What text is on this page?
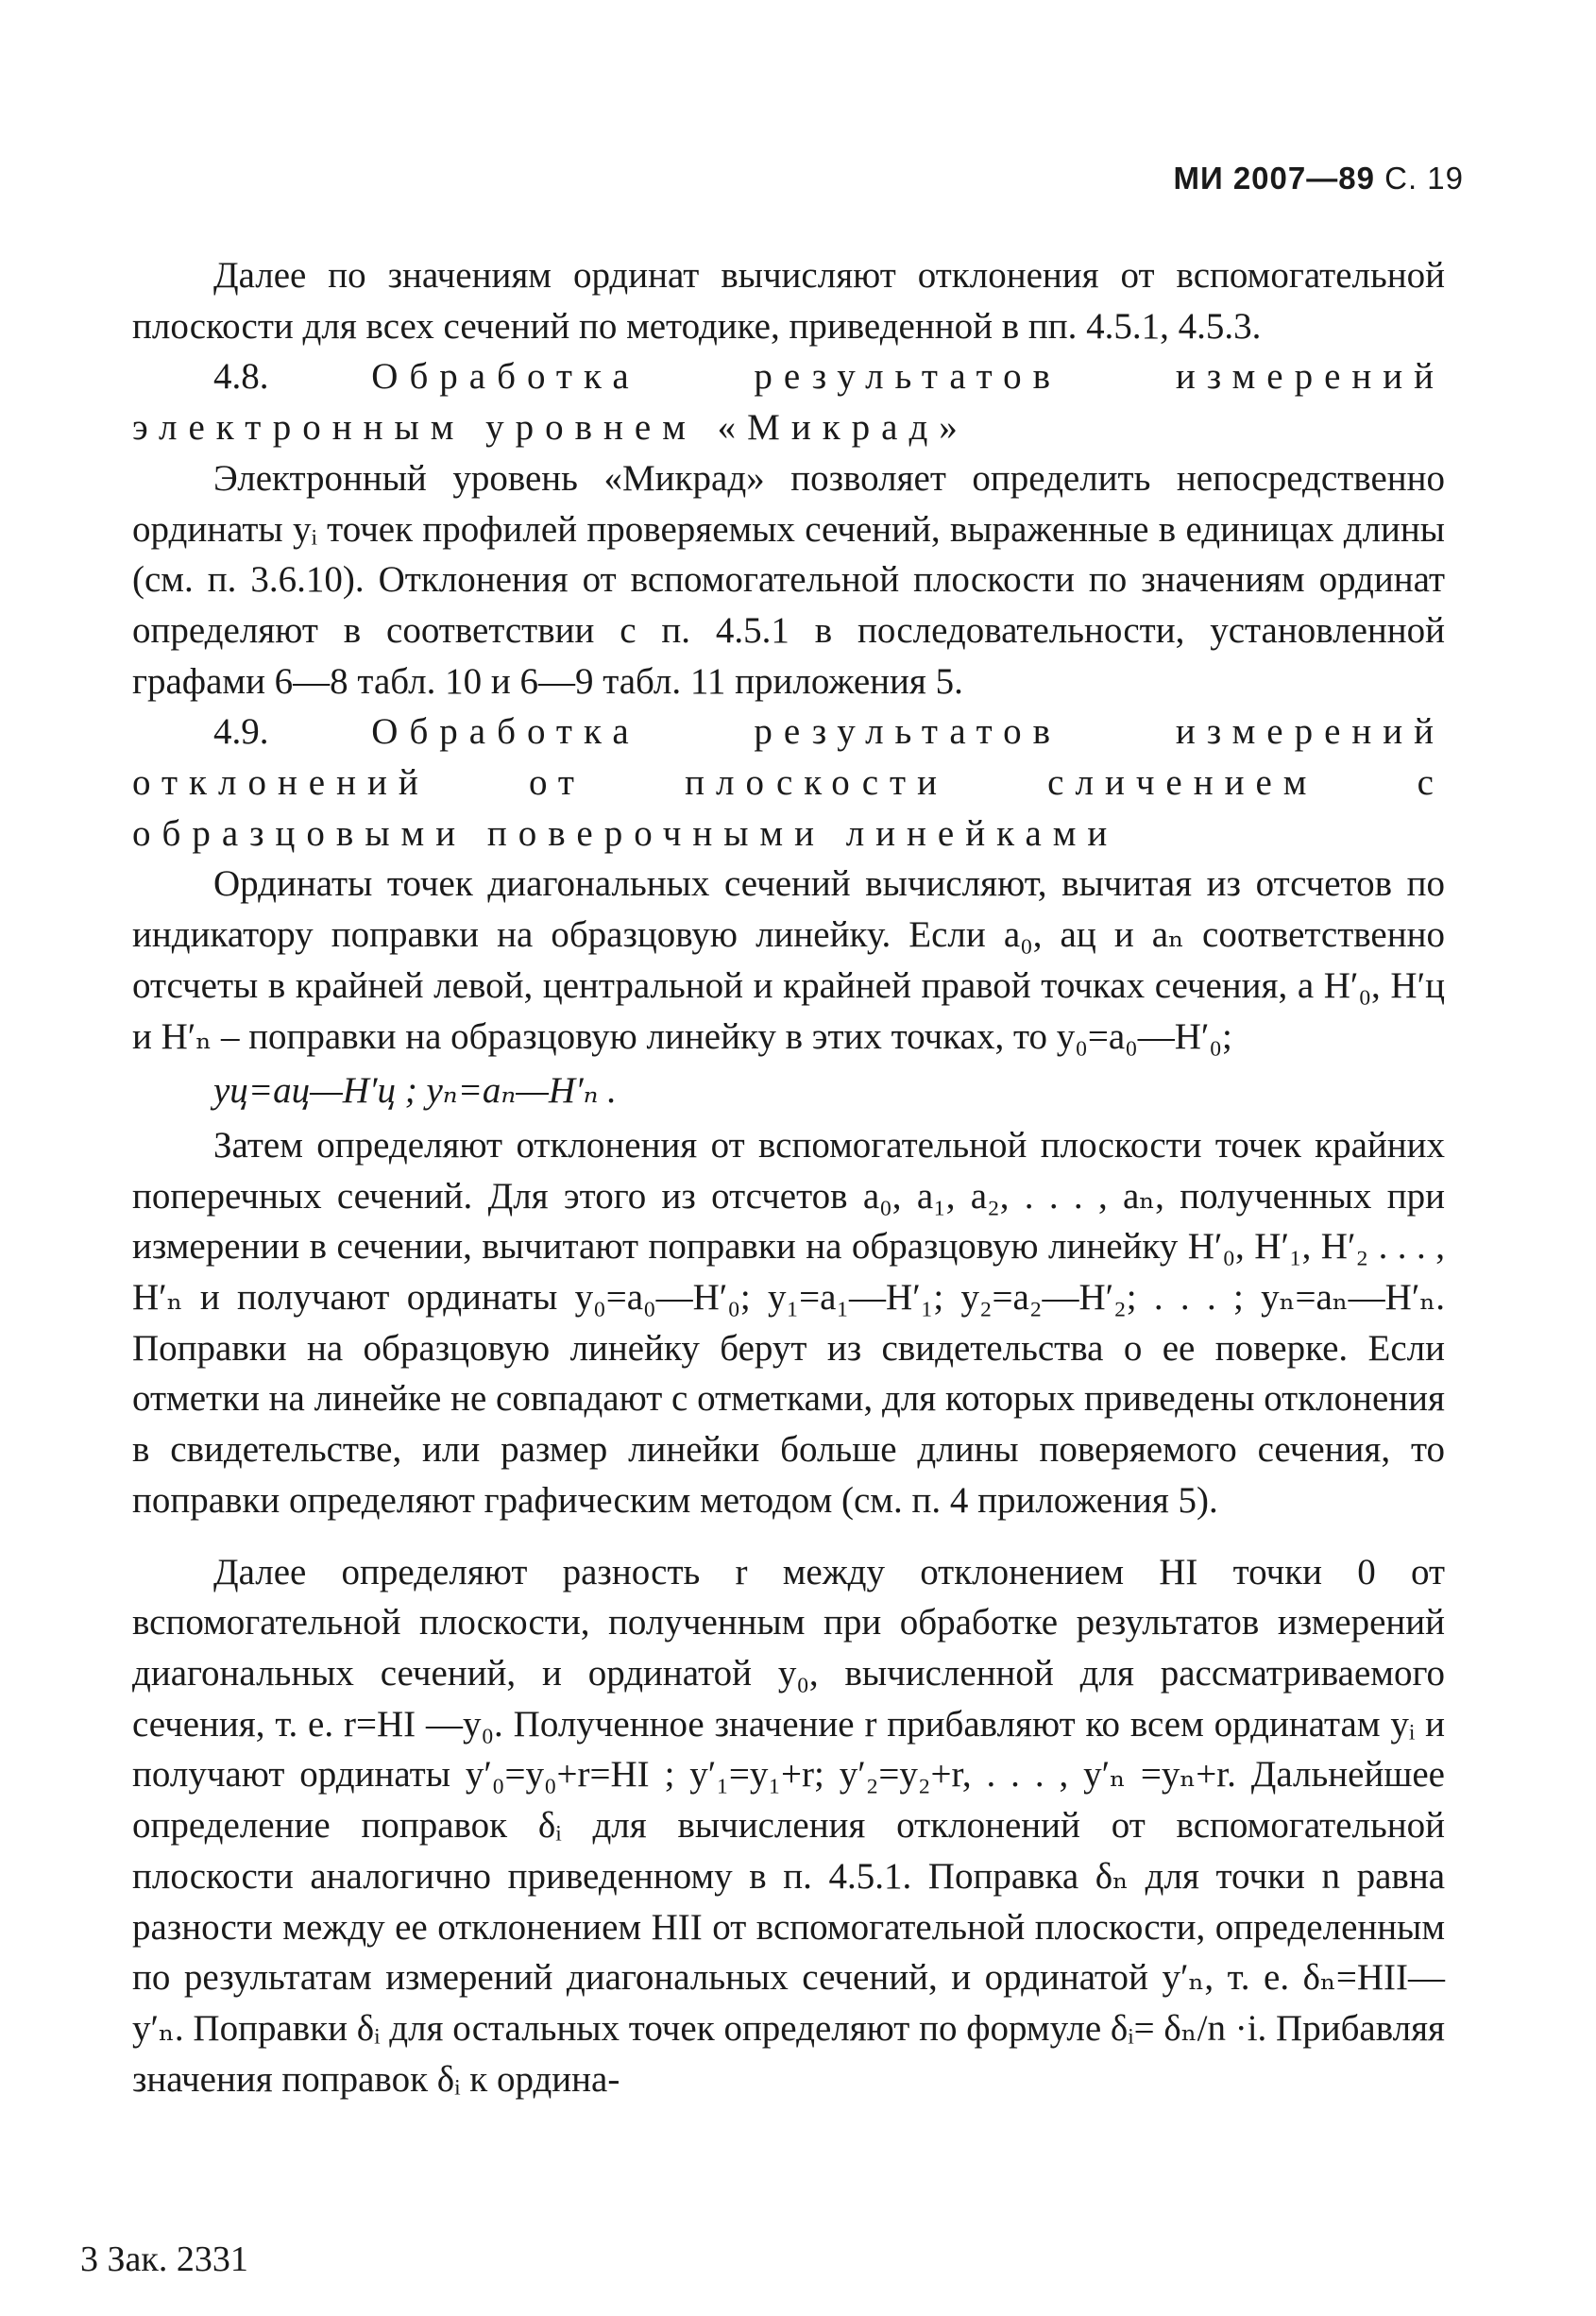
МИ 2007—89 С. 19

Далее по значениям ординат вычисляют отклонения от вспомогательной плоскости для всех сечений по методике, приведенной в пп. 4.5.1, 4.5.3.

4.8.	Обработка результатов измерений электронным уровнем «Микрад»

Электронный уровень «Микрад» позволяет определить непосредственно ординаты yᵢ точек профилей проверяемых сечений, выраженные в единицах длины (см. п. 3.6.10). Отклонения от вспомогательной плоскости по значениям ординат определяют в соответствии с п. 4.5.1 в последовательности, установленной графами 6—8 табл. 10 и 6—9 табл. 11 приложения 5.

4.9.	Обработка результатов измерений отклонений от плоскости сличением с образцовыми поверочными линейками

Ординаты точек диагональных сечений вычисляют, вычитая из отсчетов по индикатору поправки на образцовую линейку. Если a₀, aц и aₙ соответственно отсчеты в крайней левой, центральной и крайней правой точках сечения, а H′₀, H′ц и H′ₙ – поправки на образцовую линейку в этих точках, то y₀=a₀—H′₀;

yц=aц—H′ц ; yₙ=aₙ—H′ₙ .

Затем определяют отклонения от вспомогательной плоскости точек крайних поперечных сечений. Для этого из отсчетов a₀, a₁, a₂, . . . , aₙ, полученных при измерении в сечении, вычитают поправки на образцовую линейку H′₀, H′₁, H′₂ . . . , H′ₙ и получают ординаты y₀=a₀—H′₀; y₁=a₁—H′₁; y₂=a₂—H′₂; . . . ; yₙ=aₙ—H′ₙ. Поправки на образцовую линейку берут из свидетельства о ее поверке. Если отметки на линейке не совпадают с отметками, для которых приведены отклонения в свидетельстве, или размер линейки больше длины поверяемого сечения, то поправки определяют графическим методом (см. п. 4 приложения 5).

Далее определяют разность r между отклонением HI точки 0 от вспомогательной плоскости, полученным при обработке результатов измерений диагональных сечений, и ординатой y₀, вычисленной для рассматриваемого сечения, т. е. r=HI —y₀. Полученное значение r прибавляют ко всем ординатам yᵢ и получают ординаты y′₀=y₀+r=HI ; y′₁=y₁+r; y′₂=y₂+r, . . . , y′ₙ =yₙ+r. Дальнейшее определение поправок δᵢ для вычисления отклонений от вспомогательной плоскости аналогично приведенному в п. 4.5.1. Поправка δₙ для точки n равна разности между ее отклонением HII от вспомогательной плоскости, определенным по результатам измерений диагональных сечений, и ординатой y′ₙ, т. е. δₙ=HII—y′ₙ. Поправки δᵢ для остальных точек определяют по формуле δᵢ= δₙ/n ·i. Прибавляя значения поправок δᵢ к ордина-

3 Зак. 2331
